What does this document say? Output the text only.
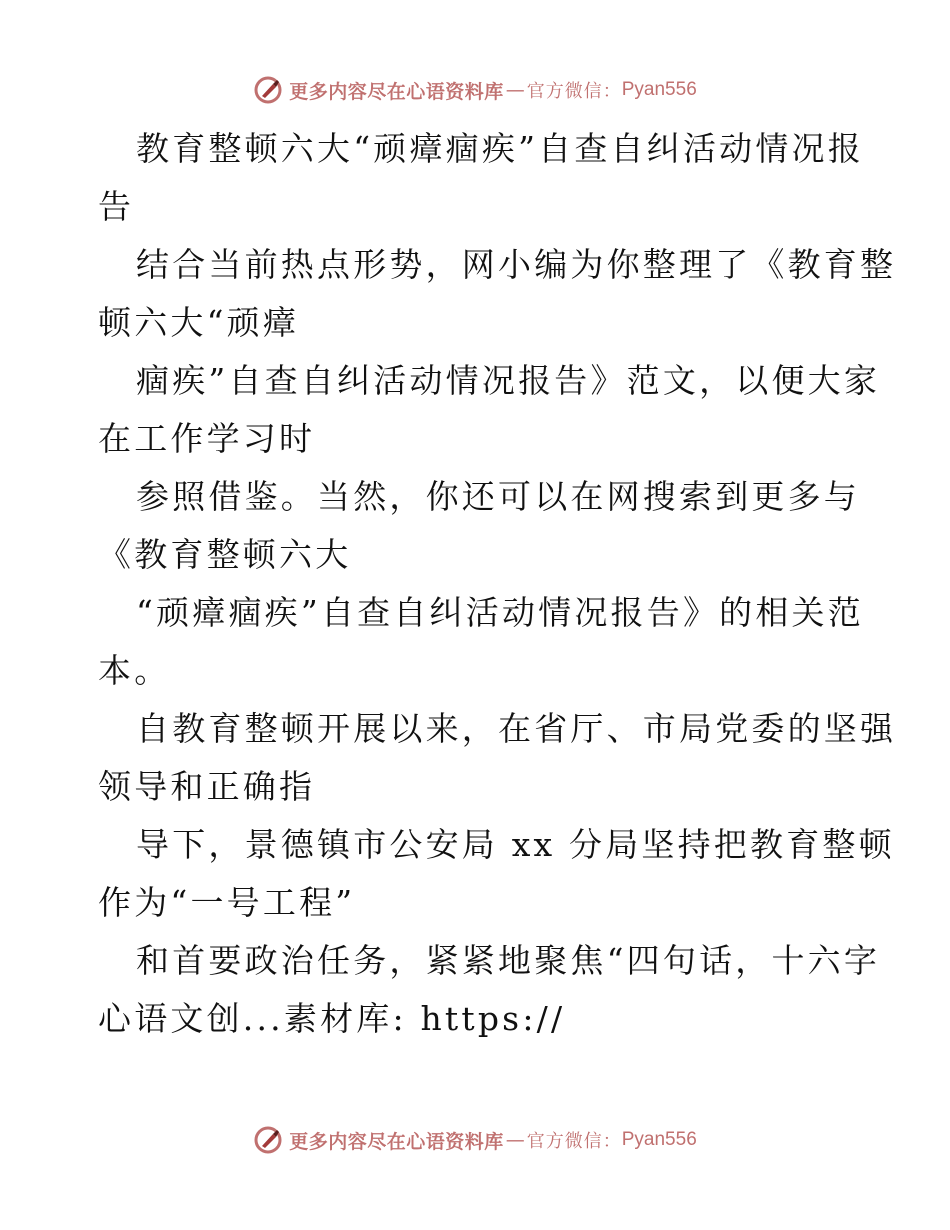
更多内容尽在心语资料库 — 官方微信： Pyan556
教育整顿六大“顽瘴痼疾”自查自纠活动情况报
告
结合当前热点形势，网小编为你整理了《教育整
顿六大“顽瘴
痼疾”自查自纠活动情况报告》范文，以便大家
在工作学习时
参照借鉴。当然，你还可以在网搜索到更多与
《教育整顿六大
“顽瘴痼疾”自查自纠活动情况报告》的相关范
本。
自教育整顿开展以来，在省厅、市局党委的坚强
领导和正确指
导下，景德镇市公安局 xx 分局坚持把教育整顿
作为“一号工程”
和首要政治任务，紧紧地聚焦“四句话，十六字
心语文创...素材库: https://
更多内容尽在心语资料库 — 官方微信： Pyan556
